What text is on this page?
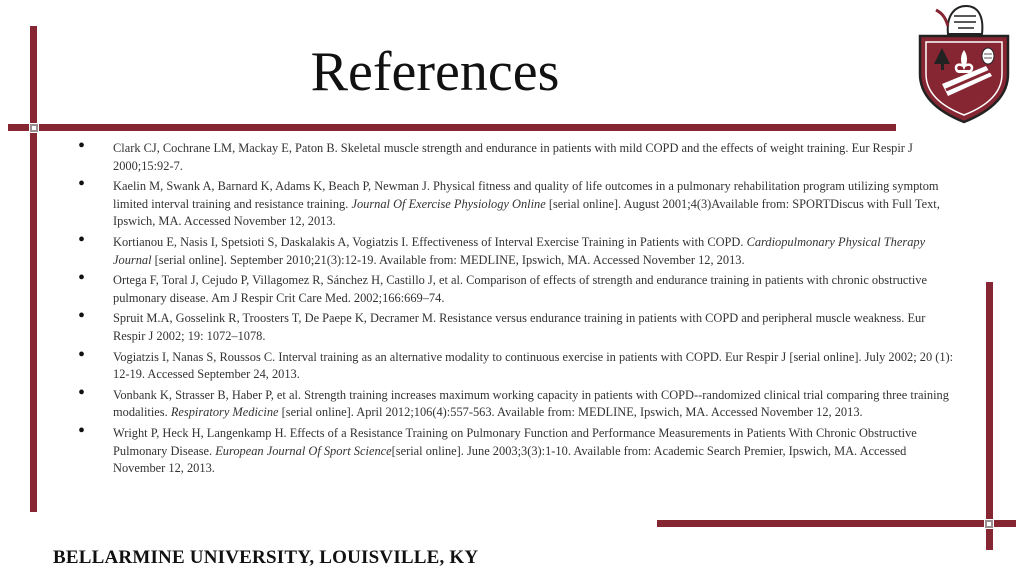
References
• Clark CJ, Cochrane LM, Mackay E, Paton B. Skeletal muscle strength and endurance in patients with mild COPD and the effects of weight training. Eur Respir J 2000;15:92-7.
• Kaelin M, Swank A, Barnard K, Adams K, Beach P, Newman J. Physical fitness and quality of life outcomes in a pulmonary rehabilitation program utilizing symptom limited interval training and resistance training. Journal Of Exercise Physiology Online [serial online]. August 2001;4(3)Available from: SPORTDiscus with Full Text, Ipswich, MA. Accessed November 12, 2013.
• Kortianou E, Nasis I, Spetsioti S, Daskalakis A, Vogiatzis I. Effectiveness of Interval Exercise Training in Patients with COPD. Cardiopulmonary Physical Therapy Journal [serial online]. September 2010;21(3):12-19. Available from: MEDLINE, Ipswich, MA. Accessed November 12, 2013.
• Ortega F, Toral J, Cejudo P, Villagomez R, Sánchez H, Castillo J, et al. Comparison of effects of strength and endurance training in patients with chronic obstructive pulmonary disease. Am J Respir Crit Care Med. 2002;166:669–74.
• Spruit M.A, Gosselink R, Troosters T, De Paepe K, Decramer M. Resistance versus endurance training in patients with COPD and peripheral muscle weakness. Eur Respir J 2002; 19: 1072–1078.
• Vogiatzis I, Nanas S, Roussos C. Interval training as an alternative modality to continuous exercise in patients with COPD. Eur Respir J [serial online]. July 2002; 20 (1): 12-19. Accessed September 24, 2013.
• Vonbank K, Strasser B, Haber P, et al. Strength training increases maximum working capacity in patients with COPD--randomized clinical trial comparing three training modalities. Respiratory Medicine [serial online]. April 2012;106(4):557-563. Available from: MEDLINE, Ipswich, MA. Accessed November 12, 2013.
• Wright P, Heck H, Langenkamp H. Effects of a Resistance Training on Pulmonary Function and Performance Measurements in Patients With Chronic Obstructive Pulmonary Disease. European Journal Of Sport Science[serial online]. June 2003;3(3):1-10. Available from: Academic Search Premier, Ipswich, MA. Accessed November 12, 2013.
BELLARMINE UNIVERSITY, LOUISVILLE, KY
